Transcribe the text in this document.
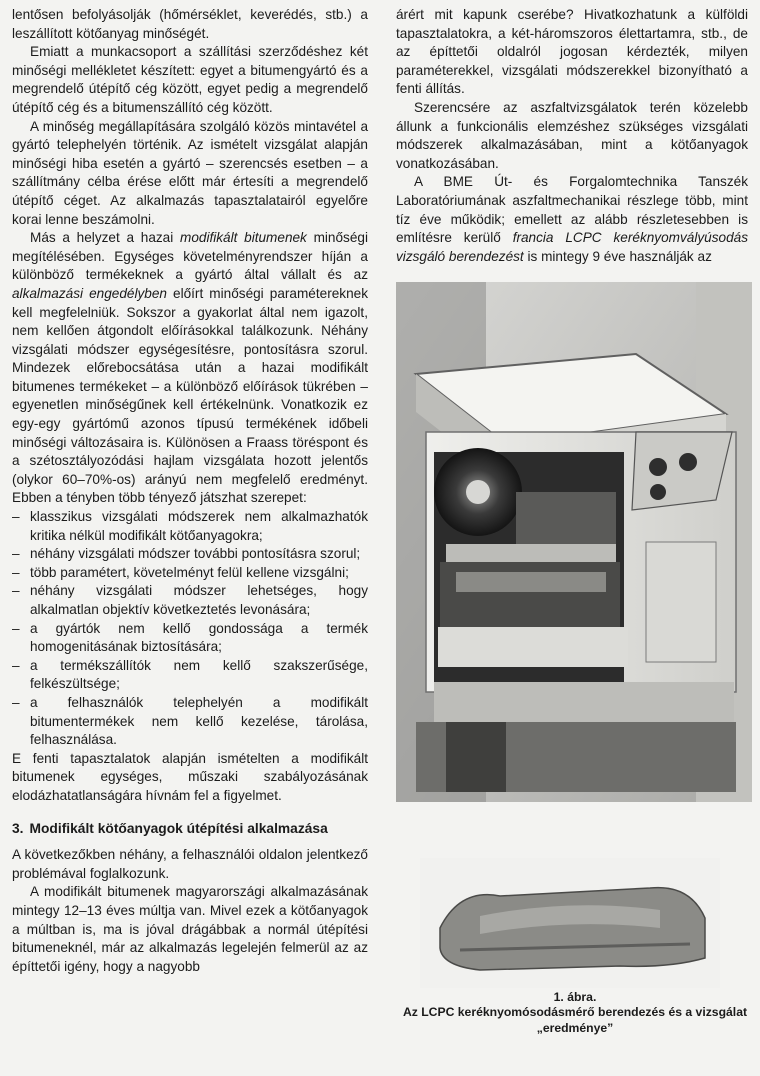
lentősen befolyásolják (hőmérséklet, keverédés, stb.) a leszállított kötőanyag minőségét.

Emiatt a munkacsoport a szállítási szerződéshez két minőségi mellékletet készített: egyet a bitumengyártó és a megrendelő útépítő cég között, egyet pedig a megrendelő útépítő cég és a bitumenszállító cég között.

A minőség megállapítására szolgáló közös mintavétel a gyártó telephelyén történik. Az ismételt vizsgálat alapján minőségi hiba esetén a gyártó – szerencsés esetben – a szállítmány célba érése előtt már értesíti a megrendelő útépítő céget. Az alkalmazás tapasztalatairól egyelőre korai lenne beszámolni.

Más a helyzet a hazai modifikált bitumenek minőségi megítélésében. Egységes követelményrendszer híján a különböző termékeknek a gyártó által vállalt és az alkalmazási engedélyben előírt minőségi paramétereknek kell megfelelniük. Sokszor a gyakorlat által nem igazolt, nem kellően átgondolt előírásokkal találkozunk. Néhány vizsgálati módszer egységesítésre, pontosításra szorul. Mindezek előrebocsátása után a hazai modifikált bitumenes termékeket – a különböző előírások tükrében – egyenetlen minőségűnek kell értékelnünk. Vonatkozik ez egy-egy gyártómű azonos típusú termékének időbeli minőségi változásaira is. Különösen a Fraass töréspont és a szétosztályozódási hajlam vizsgálata hozott jelentős (olykor 60–70%-os) arányú nem megfelelő eredményt. Ebben a tényben több tényező játszhat szerepet:

– klasszikus vizsgálati módszerek nem alkalmazhatók kritika nélkül modifikált kötőanyagokra;
– néhány vizsgálati módszer további pontosításra szorul;
– több paramétert, követelményt felül kellene vizsgálni;
– néhány vizsgálati módszer lehetséges, hogy alkalmatlan objektív következtetés levonására;
– a gyártók nem kellő gondossága a termék homogenitásának biztosítására;
– a termékszállítók nem kellő szakszerűsége, felkészültsége;
– a felhasználók telephelyén a modifikált bitumentermékek nem kellő kezelése, tárolása, felhasználása.

E fenti tapasztalatok alapján ismételten a modifikált bitumenek egységes, műszaki szabályozásának elodázhatatlanságára hívnám fel a figyelmet.

3. Modifikált kötőanyagok útépítési alkalmazása

A következőkben néhány, a felhasználói oldalon jelentkező problémával foglalkozunk.

A modifikált bitumenek magyarországi alkalmazásának mintegy 12–13 éves múltja van. Mivel ezek a kötőanyagok a múltban is, ma is jóval drágábbak a normál útépítési bitumeneknél, már az alkalmazás legelején felmerül az az építtetői igény, hogy a nagyobb

árért mit kapunk cserébe? Hivatkozhatunk a külföldi tapasztalatokra, a két-háromszoros élettartamra, stb., de az építtetői oldalról jogosan kérdezték, milyen paraméterekkel, vizsgálati módszerekkel bizonyítható a fenti állítás.

Szerencsére az aszfaltvizsgálatok terén közelebb állunk a funkcionális elemzéshez szükséges vizsgálati módszerek alkalmazásában, mint a kötőanyagok vonatkozásában.

A BME Út- és Forgalomtechnika Tanszék Laboratóriumának aszfaltmechanikai részlege több, mint tíz éve működik; emellett az alább részletesebben is említésre kerülő francia LCPC keréknyomvályúsodás vizsgáló berendezést is mintegy 9 éve használják az

1. ábra.
Az LCPC keréknyomósodásmérő berendezés és a vizsgálat „eredménye”
